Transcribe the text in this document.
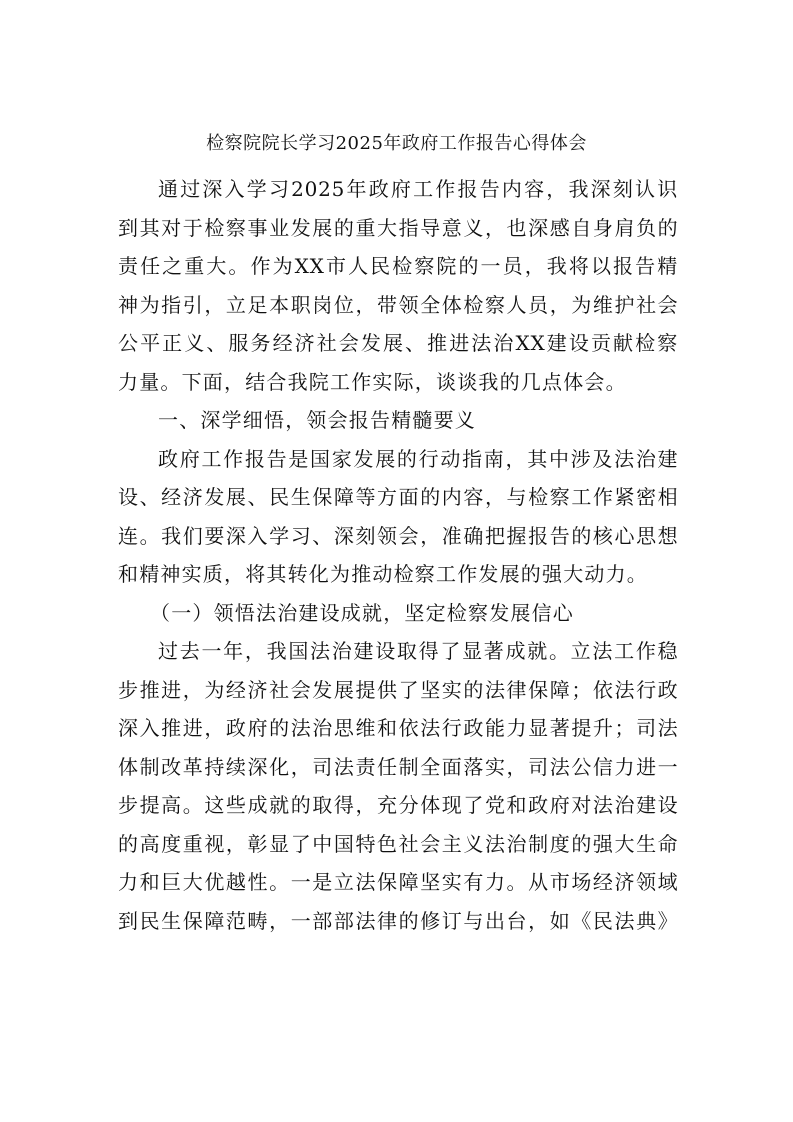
检察院院长学习2025年政府工作报告心得体会
通过深入学习2025年政府工作报告内容，我深刻认识
到其对于检察事业发展的重大指导意义，也深感自身肩负的
责任之重大。作为XX市人民检察院的一员，我将以报告精
神为指引，立足本职岗位，带领全体检察人员，为维护社会
公平正义、服务经济社会发展、推进法治XX建设贡献检察
力量。下面，结合我院工作实际，谈谈我的几点体会。
一、深学细悟，领会报告精髓要义
政府工作报告是国家发展的行动指南，其中涉及法治建
设、经济发展、民生保障等方面的内容，与检察工作紧密相
连。我们要深入学习、深刻领会，准确把握报告的核心思想
和精神实质，将其转化为推动检察工作发展的强大动力。
（一）领悟法治建设成就，坚定检察发展信心
过去一年，我国法治建设取得了显著成就。立法工作稳
步推进，为经济社会发展提供了坚实的法律保障；依法行政
深入推进，政府的法治思维和依法行政能力显著提升；司法
体制改革持续深化，司法责任制全面落实，司法公信力进一
步提高。这些成就的取得，充分体现了党和政府对法治建设
的高度重视，彰显了中国特色社会主义法治制度的强大生命
力和巨大优越性。一是立法保障坚实有力。从市场经济领域
到民生保障范畴，一部部法律的修订与出台，如《民法典》
